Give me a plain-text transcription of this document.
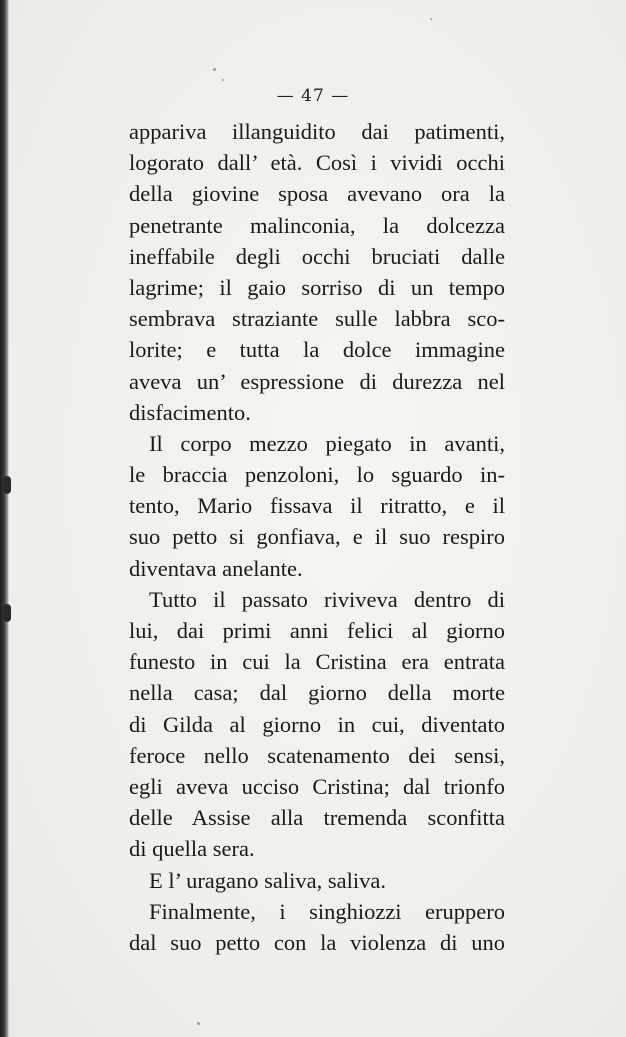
— 47 —
appariva illanguidito dai patimenti,
logorato dall’ età. Così i vividi occhi
della giovine sposa avevano ora la
penetrante malinconia, la dolcezza
ineffabile degli occhi bruciati dalle
lagrime; il gaio sorriso di un tempo
sembrava straziante sulle labbra sco-
lorite; e tutta la dolce immagine
aveva un’ espressione di durezza nel
disfacimento.
Il corpo mezzo piegato in avanti,
le braccia penzoloni, lo sguardo in-
tento, Mario fissava il ritratto, e il
suo petto si gonfiava, e il suo respiro
diventava anelante.
Tutto il passato riviveva dentro di
lui, dai primi anni felici al giorno
funesto in cui la Cristina era entrata
nella casa; dal giorno della morte
di Gilda al giorno in cui, diventato
feroce nello scatenamento dei sensi,
egli aveva ucciso Cristina; dal trionfo
delle Assise alla tremenda sconfitta
di quella sera.
E l’ uragano saliva, saliva.
Finalmente, i singhiozzi eruppero
dal suo petto con la violenza di uno
